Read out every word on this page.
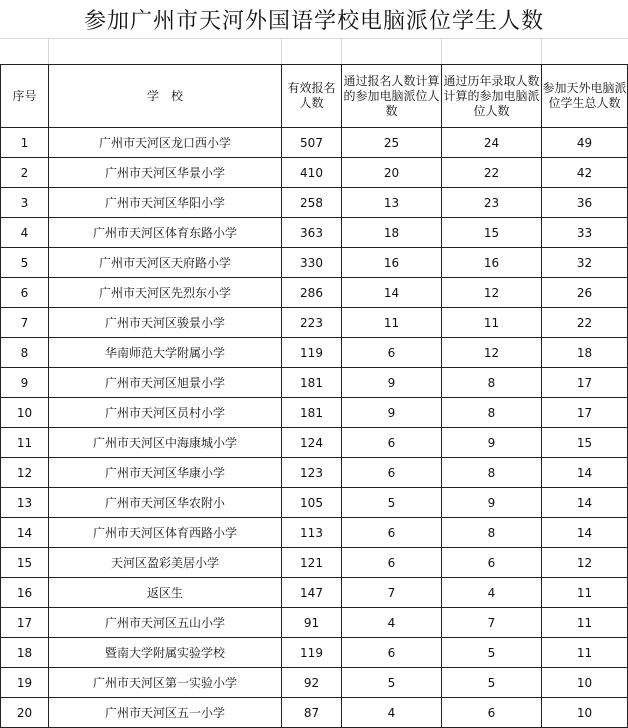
参加广州市天河外国语学校电脑派位学生人数
序号	学　校	有效报名人数	通过报名人数计算的参加电脑派位人数	通过历年录取人数计算的参加电脑派位人数	参加天外电脑派位学生总人数
1	广州市天河区龙口西小学	507	25	24	49
2	广州市天河区华景小学	410	20	22	42
3	广州市天河区华阳小学	258	13	23	36
4	广州市天河区体育东路小学	363	18	15	33
5	广州市天河区天府路小学	330	16	16	32
6	广州市天河区先烈东小学	286	14	12	26
7	广州市天河区骏景小学	223	11	11	22
8	华南师范大学附属小学	119	6	12	18
9	广州市天河区旭景小学	181	9	8	17
10	广州市天河区员村小学	181	9	8	17
11	广州市天河区中海康城小学	124	6	9	15
12	广州市天河区华康小学	123	6	8	14
13	广州市天河区华农附小	105	5	9	14
14	广州市天河区体育西路小学	113	6	8	14
15	天河区盈彩美居小学	121	6	6	12
16	返区生	147	7	4	11
17	广州市天河区五山小学	91	4	7	11
18	暨南大学附属实验学校	119	6	5	11
19	广州市天河区第一实验小学	92	5	5	10
20	广州市天河区五一小学	87	4	6	10
